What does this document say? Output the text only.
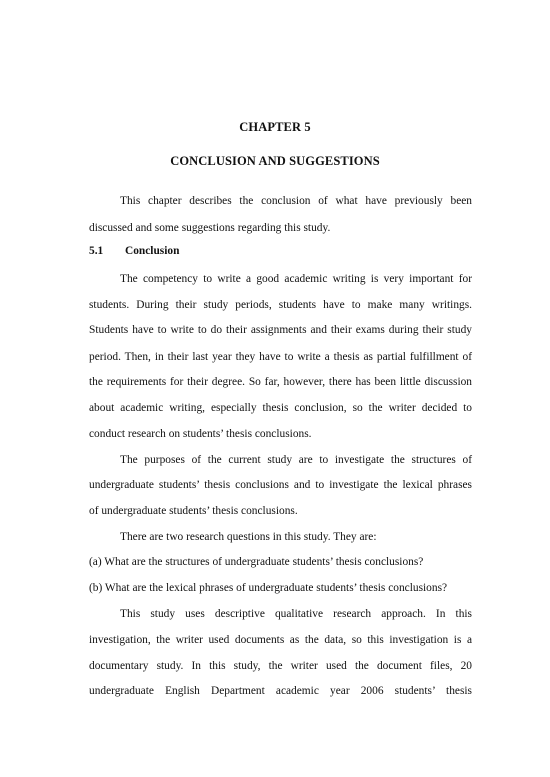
CHAPTER 5
CONCLUSION AND SUGGESTIONS
This chapter describes the conclusion of what have previously been
discussed and some suggestions regarding this study.
5.1 Conclusion
The competency to write a good academic writing is very important for
students. During their study periods, students have to make many writings.
Students have to write to do their assignments and their exams during their study
period. Then, in their last year they have to write a thesis as partial fulfillment of
the requirements for their degree. So far, however, there has been little discussion
about academic writing, especially thesis conclusion, so the writer decided to
conduct research on students’ thesis conclusions.
The purposes of the current study are to investigate the structures of
undergraduate students’ thesis conclusions and to investigate the lexical phrases
of undergraduate students’ thesis conclusions.
There are two research questions in this study. They are:
(a) What are the structures of undergraduate students’ thesis conclusions?
(b) What are the lexical phrases of undergraduate students’ thesis conclusions?
This study uses descriptive qualitative research approach. In this
investigation, the writer used documents as the data, so this investigation is a
documentary study. In this study, the writer used the document files, 20
undergraduate English Department academic year 2006 students’ thesis
